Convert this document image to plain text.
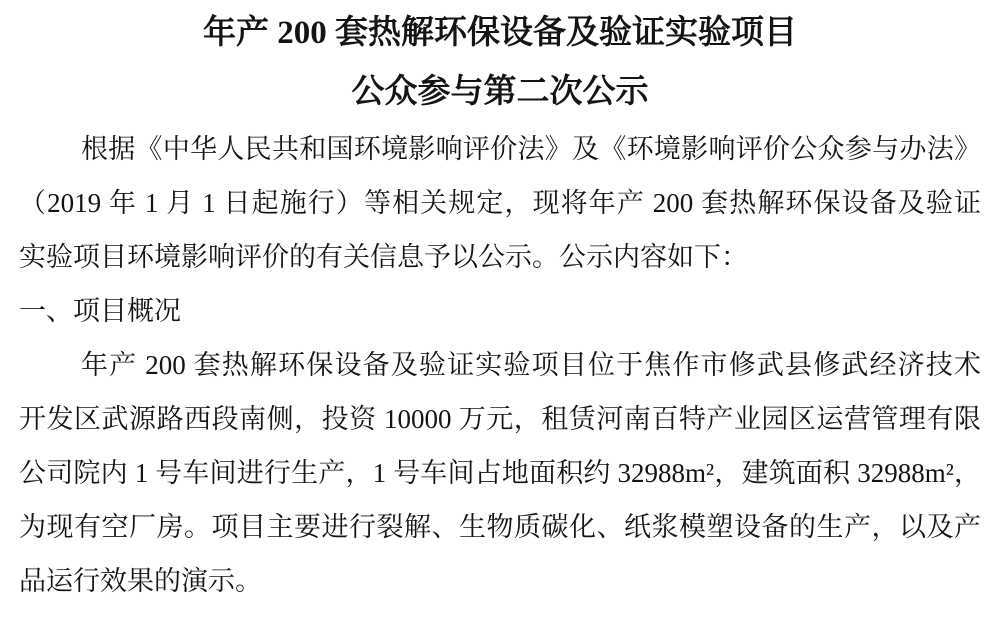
年产 200 套热解环保设备及验证实验项目
公众参与第二次公示
根据《中华人民共和国环境影响评价法》及《环境影响评价公众参与办法》
（2019 年 1 月 1 日起施行）等相关规定，现将年产 200 套热解环保设备及验证
实验项目环境影响评价的有关信息予以公示。公示内容如下：
一、项目概况
年产 200 套热解环保设备及验证实验项目位于焦作市修武县修武经济技术
开发区武源路西段南侧，投资 10000 万元，租赁河南百特产业园区运营管理有限
公司院内 1 号车间进行生产，1 号车间占地面积约 32988m²，建筑面积 32988m²，
为现有空厂房。项目主要进行裂解、生物质碳化、纸浆模塑设备的生产，以及产
品运行效果的演示。
